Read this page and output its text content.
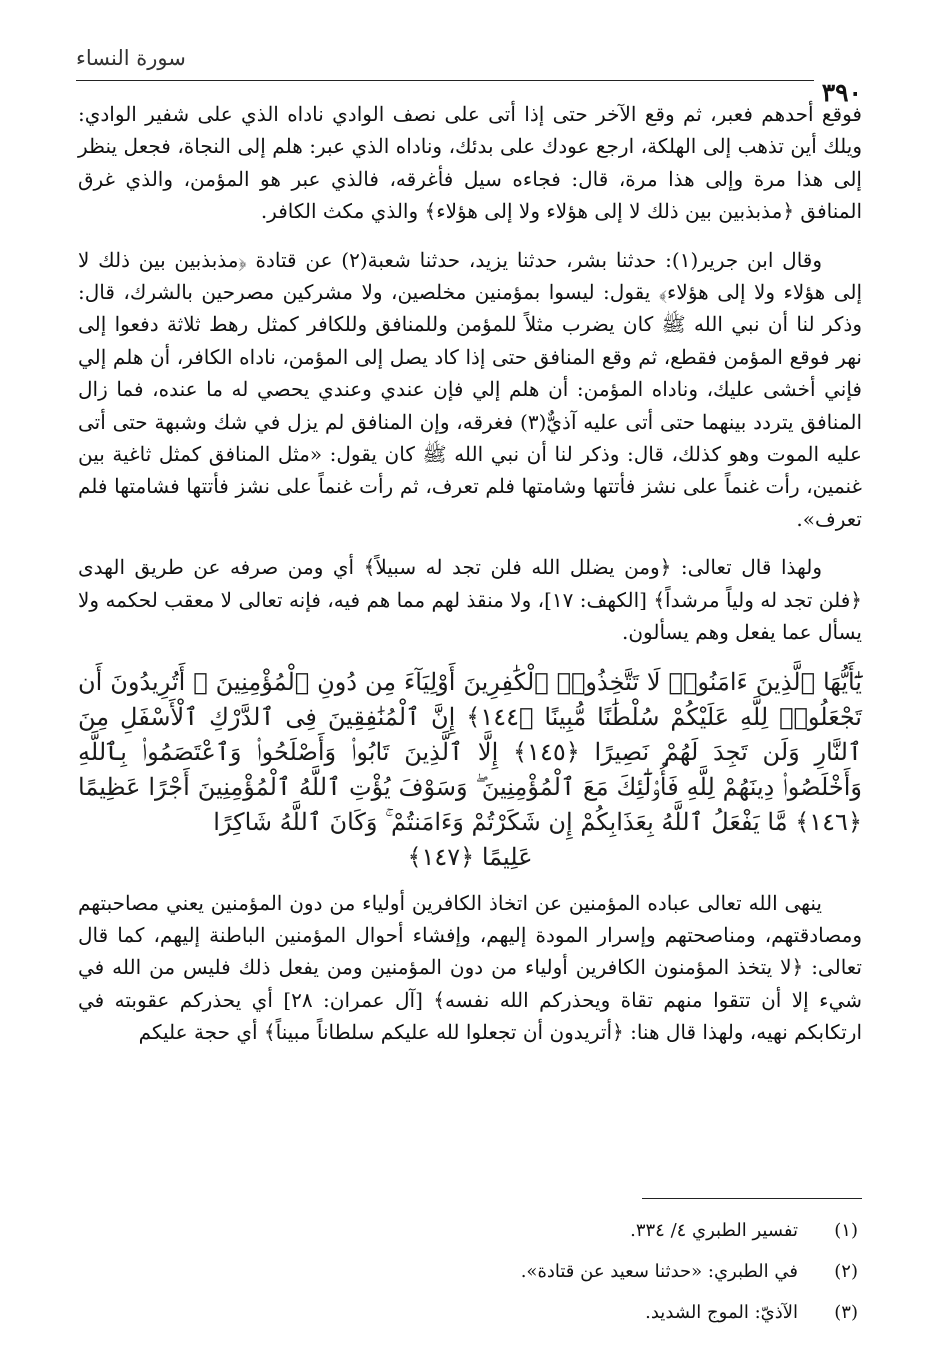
سورة النساء
٣٩٠

فوقع أحدهم فعبر، ثم وقع الآخر حتى إذا أتى على نصف الوادي ناداه الذي على شفير الوادي: ويلك أين تذهب إلى الهلكة، ارجع عودك على بدئك، وناداه الذي عبر: هلم إلى النجاة، فجعل ينظر إلى هذا مرة وإلى هذا مرة، قال: فجاءه سيل فأغرقه، فالذي عبر هو المؤمن، والذي غرق المنافق ﴿مذبذبين بين ذلك لا إلى هؤلاء ولا إلى هؤلاء﴾ والذي مكث الكافر.

وقال ابن جرير(١): حدثنا بشر، حدثنا يزيد، حدثنا شعبة(٢) عن قتادة ﴿مذبذبين بين ذلك لا إلى هؤلاء ولا إلى هؤلاء﴾ يقول: ليسوا بمؤمنين مخلصين، ولا مشركين مصرحين بالشرك، قال: وذكر لنا أن نبي الله ﷺ كان يضرب مثلاً للمؤمن وللمنافق وللكافر كمثل رهط ثلاثة دفعوا إلى نهر فوقع المؤمن فقطع، ثم وقع المنافق حتى إذا كاد يصل إلى المؤمن، ناداه الكافر، أن هلم إلي فإني أخشى عليك، وناداه المؤمن: أن هلم إلي فإن عندي وعندي يحصي له ما عنده، فما زال المنافق يتردد بينهما حتى أتى عليه آذيٌّ(٣) فغرقه، وإن المنافق لم يزل في شك وشبهة حتى أتى عليه الموت وهو كذلك، قال: وذكر لنا أن نبي الله ﷺ كان يقول: «مثل المنافق كمثل ثاغية بين غنمين، رأت غنماً على نشز فأتتها وشامتها فلم تعرف، ثم رأت غنماً على نشز فأتتها فشامتها فلم تعرف».

ولهذا قال تعالى: ﴿ومن يضلل الله فلن تجد له سبيلاً﴾ أي ومن صرفه عن طريق الهدى ﴿فلن تجد له ولياً مرشداً﴾ [الكهف: ١٧]، ولا منقذ لهم مما هم فيه، فإنه تعالى لا معقب لحكمه ولا يسأل عما يفعل وهم يسألون.

يَٰٓأَيُّهَا ٱلَّذِينَ ءَامَنُوا۟ لَا تَتَّخِذُوا۟ ٱلْكَٰفِرِينَ أَوْلِيَآءَ مِن دُونِ ٱلْمُؤْمِنِينَ ۚ أَتُرِيدُونَ أَن تَجْعَلُوا۟ لِلَّهِ عَلَيْكُمْ سُلْطَٰنًا مُّبِينًا ﴿١٤٤﴾ إِنَّ ٱلْمُنَٰفِقِينَ فِى ٱلدَّرْكِ ٱلْأَسْفَلِ مِنَ ٱلنَّارِ وَلَن تَجِدَ لَهُمْ نَصِيرًا ﴿١٤٥﴾ إِلَّا ٱلَّذِينَ تَابُوا۟ وَأَصْلَحُوا۟ وَٱعْتَصَمُوا۟ بِٱللَّهِ وَأَخْلَصُوا۟ دِينَهُمْ لِلَّهِ فَأُو۟لَٰٓئِكَ مَعَ ٱلْمُؤْمِنِينَ ۖ وَسَوْفَ يُؤْتِ ٱللَّهُ ٱلْمُؤْمِنِينَ أَجْرًا عَظِيمًا ﴿١٤٦﴾ مَّا يَفْعَلُ ٱللَّهُ بِعَذَابِكُمْ إِن شَكَرْتُمْ وَءَامَنتُمْ ۚ وَكَانَ ٱللَّهُ شَاكِرًا
عَلِيمًا ﴿١٤٧﴾

ينهى الله تعالى عباده المؤمنين عن اتخاذ الكافرين أولياء من دون المؤمنين يعني مصاحبتهم ومصادقتهم، ومناصحتهم وإسرار المودة إليهم، وإفشاء أحوال المؤمنين الباطنة إليهم، كما قال تعالى: ﴿لا يتخذ المؤمنون الكافرين أولياء من دون المؤمنين ومن يفعل ذلك فليس من الله في شيء إلا أن تتقوا منهم تقاة ويحذركم الله نفسه﴾ [آل عمران: ٢٨] أي يحذركم عقوبته في ارتكابكم نهيه، ولهذا قال هنا: ﴿أتريدون أن تجعلوا لله عليكم سلطاناً مبيناً﴾ أي حجة عليكم

(١)
تفسير الطبري ٤/ ٣٣٤.
(٢)
في الطبري: «حدثنا سعيد عن قتادة».
(٣)
الآذيّ: الموج الشديد.
